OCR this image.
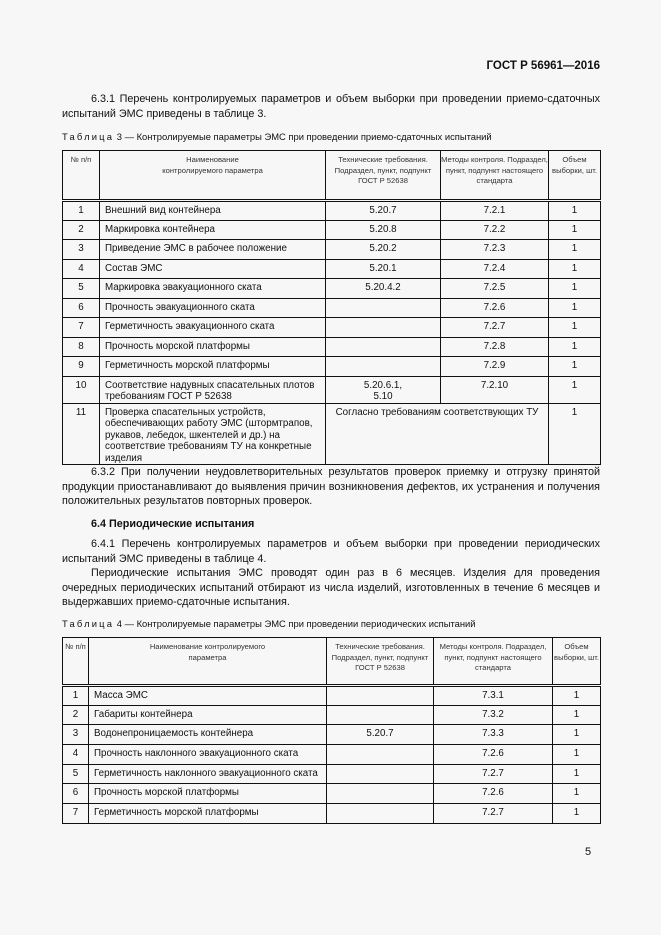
ГОСТ Р 56961—2016
6.3.1 Перечень контролируемых параметров и объем выборки при проведении приемо-сдаточных испытаний ЭМС приведены в таблице 3.
Таблица 3 — Контролируемые параметры ЭМС при проведении приемо-сдаточных испытаний
№ п/п	Наименование контролируемого параметра	Технические требования. Подраздел, пункт, подпункт ГОСТ Р 52638	Методы контроля. Подраздел, пункт, подпункт настоящего стандарта	Объем выборки, шт.
1	Внешний вид контейнера	5.20.7	7.2.1	1
2	Маркировка контейнера	5.20.8	7.2.2	1
3	Приведение ЭМС в рабочее положение	5.20.2	7.2.3	1
4	Состав ЭМС	5.20.1	7.2.4	1
5	Маркировка эвакуационного ската	5.20.4.2	7.2.5	1
6	Прочность эвакуационного ската		7.2.6	1
7	Герметичность эвакуационного ската		7.2.7	1
8	Прочность морской платформы		7.2.8	1
9	Герметичность морской платформы		7.2.9	1
10	Соответствие надувных спасательных плотов требованиям ГОСТ Р 52638	5.20.6.1, 5.10	7.2.10	1
11	Проверка спасательных устройств, обеспечивающих работу ЭМС (штормтрапов, рукавов, лебедок, шкентелей и др.) на соответствие требованиям ТУ на конкретные изделия	Согласно требованиям соответствующих ТУ		1
6.3.2 При получении неудовлетворительных результатов проверок приемку и отгрузку принятой продукции приостанавливают до выявления причин возникновения дефектов, их устранения и получения положительных результатов повторных проверок.
6.4 Периодические испытания
6.4.1 Перечень контролируемых параметров и объем выборки при проведении периодических испытаний ЭМС приведены в таблице 4.
Периодические испытания ЭМС проводят один раз в 6 месяцев. Изделия для проведения очередных периодических испытаний отбирают из числа изделий, изготовленных в течение 6 месяцев и выдержавших приемо-сдаточные испытания.
Таблица 4 — Контролируемые параметры ЭМС при проведении периодических испытаний
№ п/п	Наименование контролируемого параметра	Технические требования. Подраздел, пункт, подпункт ГОСТ Р 52638	Методы контроля. Подраздел, пункт, подпункт настоящего стандарта	Объем выборки, шт.
1	Масса ЭМС		7.3.1	1
2	Габариты контейнера		7.3.2	1
3	Водонепроницаемость контейнера	5.20.7	7.3.3	1
4	Прочность наклонного эвакуационного ската		7.2.6	1
5	Герметичность наклонного эвакуационного ската		7.2.7	1
6	Прочность морской платформы		7.2.6	1
7	Герметичность морской платформы		7.2.7	1
5
